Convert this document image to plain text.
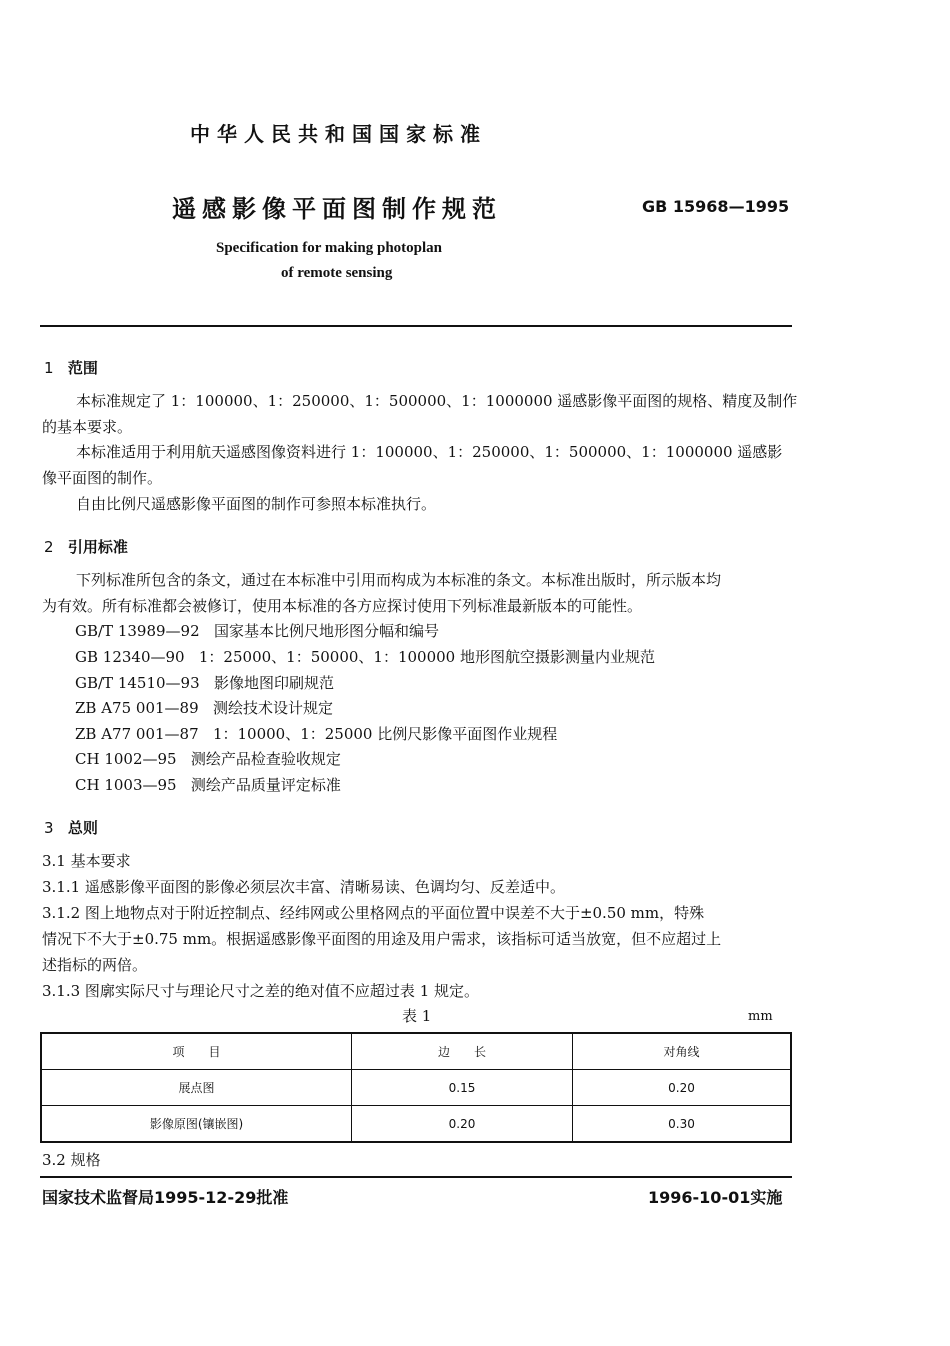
中华人民共和国国家标准
遥感影像平面图制作规范	GB 15968—1995
Specification for making photoplan
of remote sensing
1 范围
本标准规定了 1：100000、1：250000、1：500000、1：1000000 遥感影像平面图的规格、精度及制作
的基本要求。
本标准适用于利用航天遥感图像资料进行 1：100000、1：250000、1：500000、1：1000000 遥感影
像平面图的制作。
自由比例尺遥感影像平面图的制作可参照本标准执行。
2 引用标准
下列标准所包含的条文，通过在本标准中引用而构成为本标准的条文。本标准出版时，所示版本均
为有效。所有标准都会被修订，使用本标准的各方应探讨使用下列标准最新版本的可能性。
GB/T 13989—92 国家基本比例尺地形图分幅和编号
GB 12340—90 1：25000、1：50000、1：100000 地形图航空摄影测量内业规范
GB/T 14510—93 影像地图印刷规范
ZB A75 001—89 测绘技术设计规定
ZB A77 001—87 1：10000、1：25000 比例尺影像平面图作业规程
CH 1002—95 测绘产品检查验收规定
CH 1003—95 测绘产品质量评定标准
3 总则
3.1 基本要求
3.1.1 遥感影像平面图的影像必须层次丰富、清晰易读、色调均匀、反差适中。
3.1.2 图上地物点对于附近控制点、经纬网或公里格网点的平面位置中误差不大于±0.50 mm，特殊
情况下不大于±0.75 mm。根据遥感影像平面图的用途及用户需求，该指标可适当放宽，但不应超过上
述指标的两倍。
3.1.3 图廓实际尺寸与理论尺寸之差的绝对值不应超过表 1 规定。
表 1	mm
项　　目	边　　长	对角线
展点图	0.15	0.20
影像原图(镶嵌图)	0.20	0.30
3.2 规格
国家技术监督局1995-12-29批准	1996-10-01实施
